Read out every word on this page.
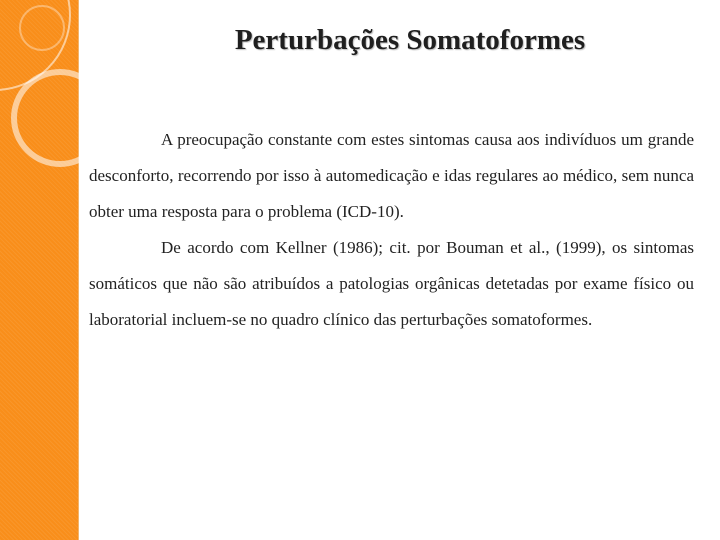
Perturbações Somatoformes

A preocupação constante com estes sintomas causa aos indivíduos um grande desconforto, recorrendo por isso à automedicação e idas regulares ao médico, sem nunca obter uma resposta para o problema (ICD-10).

De acordo com Kellner (1986); cit. por Bouman et al., (1999), os sintomas somáticos que não são atribuídos a patologias orgânicas detetadas por exame físico ou laboratorial incluem-se no quadro clínico das perturbações somatoformes.
